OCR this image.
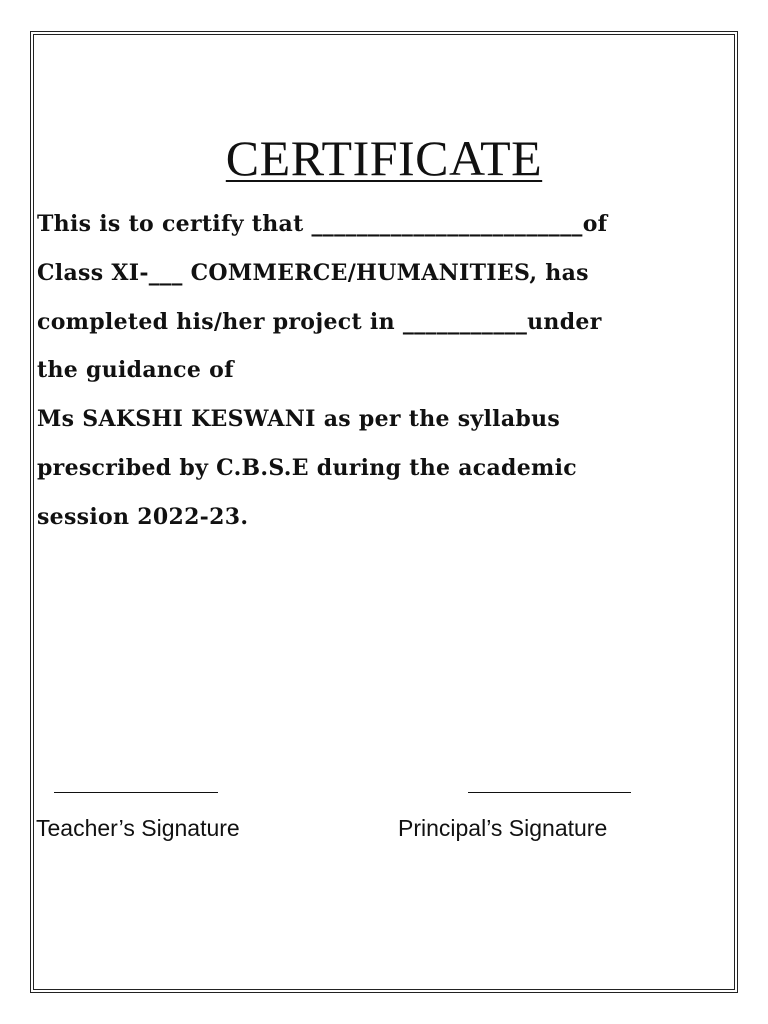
CERTIFICATE
This is to certify that ________________________of
Class XI-___ COMMERCE/HUMANITIES, has
completed his/her project in ___________under
the guidance of
Ms SAKSHI KESWANI as per the syllabus
prescribed by C.B.S.E during the academic
session 2022-23.
Teacher’s Signature	Principal’s Signature
